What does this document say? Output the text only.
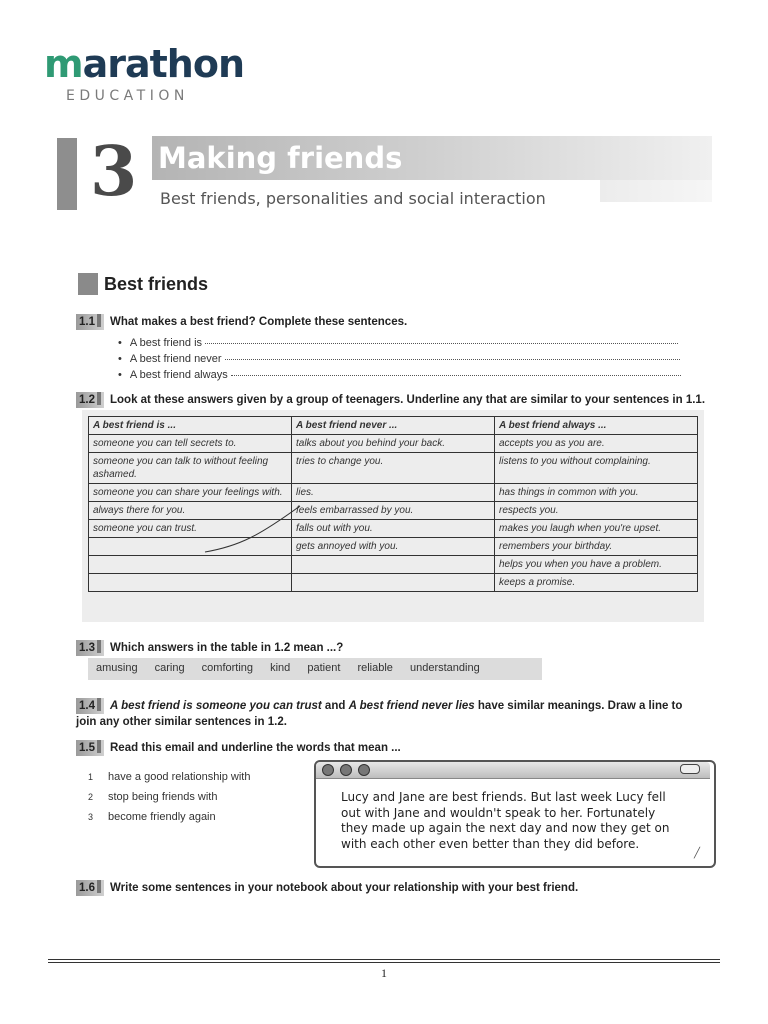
marathon
EDUCATION
3 Making friends
Best friends, personalities and social interaction
Best friends
1.1 What makes a best friend? Complete these sentences.
• A best friend is
• A best friend never
• A best friend always
1.2 Look at these answers given by a group of teenagers. Underline any that are similar to your sentences in 1.1.
A best friend is ...	A best friend never ...	A best friend always ...
someone you can tell secrets to.	talks about you behind your back.	accepts you as you are.
someone you can talk to without feeling ashamed.	tries to change you.	listens to you without complaining.
someone you can share your feelings with.	lies.	has things in common with you.
always there for you.	feels embarrassed by you.	respects you.
someone you can trust.	falls out with you.	makes you laugh when you're upset.
	gets annoyed with you.	remembers your birthday.
		helps you when you have a problem.
		keeps a promise.
1.3 Which answers in the table in 1.2 mean ...?
amusing caring comforting kind patient reliable understanding
1.4 A best friend is someone you can trust and A best friend never lies have similar meanings. Draw a line to join any other similar sentences in 1.2.
1.5 Read this email and underline the words that mean ...
1 have a good relationship with
2 stop being friends with
3 become friendly again
Lucy and Jane are best friends. But last week Lucy fell out with Jane and wouldn't speak to her. Fortunately they made up again the next day and now they get on with each other even better than they did before.
╱
1.6 Write some sentences in your notebook about your relationship with your best friend.
1
